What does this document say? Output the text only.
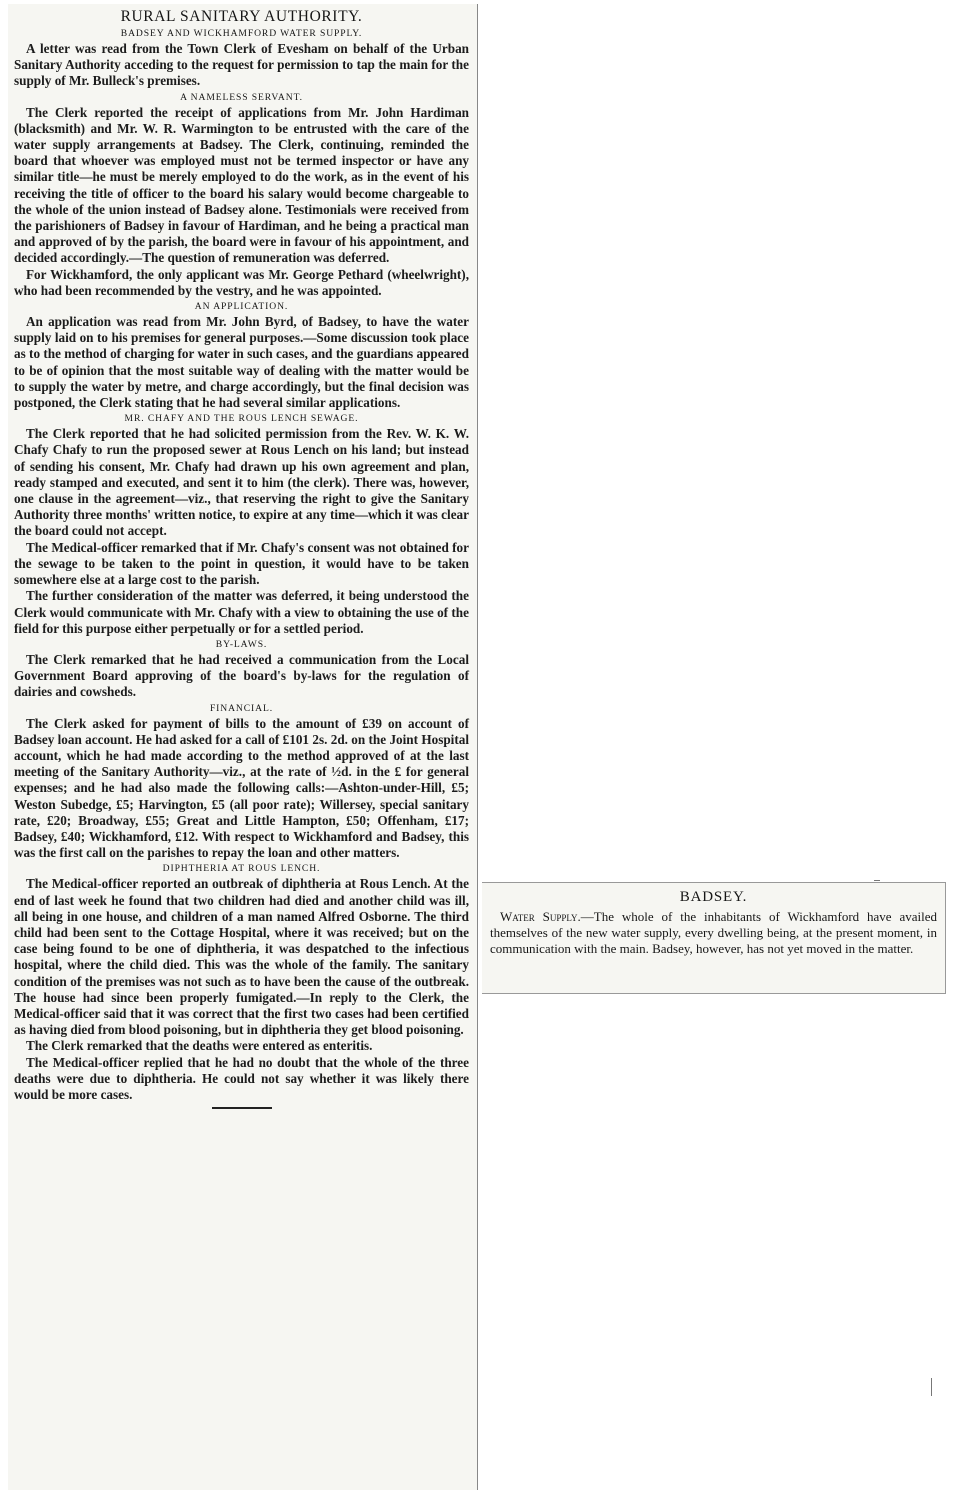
RURAL SANITARY AUTHORITY.
BADSEY AND WICKHAMFORD WATER SUPPLY.

A letter was read from the Town Clerk of Evesham on behalf of the Urban Sanitary Authority acceding to the request for permission to tap the main for the supply of Mr. Bulleck's premises.

A NAMELESS SERVANT.

The Clerk reported the receipt of applications from Mr. John Hardiman (blacksmith) and Mr. W. R. Warmington to be entrusted with the care of the water supply arrangements at Badsey. The Clerk, continuing, reminded the board that whoever was employed must not be termed inspector or have any similar title—he must be merely employed to do the work, as in the event of his receiving the title of officer to the board his salary would become chargeable to the whole of the union instead of Badsey alone. Testimonials were received from the parishioners of Badsey in favour of Hardiman, and he being a practical man and approved of by the parish, the board were in favour of his appointment, and decided accordingly.—The question of remuneration was deferred.

For Wickhamford, the only applicant was Mr. George Pethard (wheelwright), who had been recommended by the vestry, and he was appointed.

AN APPLICATION.

An application was read from Mr. John Byrd, of Badsey, to have the water supply laid on to his premises for general purposes.—Some discussion took place as to the method of charging for water in such cases, and the guardians appeared to be of opinion that the most suitable way of dealing with the matter would be to supply the water by metre, and charge accordingly, but the final decision was postponed, the Clerk stating that he had several similar applications.

MR. CHAFY AND THE ROUS LENCH SEWAGE.

The Clerk reported that he had solicited permission from the Rev. W. K. W. Chafy Chafy to run the proposed sewer at Rous Lench on his land; but instead of sending his consent, Mr. Chafy had drawn up his own agreement and plan, ready stamped and executed, and sent it to him (the clerk). There was, however, one clause in the agreement—viz., that reserving the right to give the Sanitary Authority three months' written notice, to expire at any time—which it was clear the board could not accept.

The Medical-officer remarked that if Mr. Chafy's consent was not obtained for the sewage to be taken to the point in question, it would have to be taken somewhere else at a large cost to the parish.

The further consideration of the matter was deferred, it being understood the Clerk would communicate with Mr. Chafy with a view to obtaining the use of the field for this purpose either perpetually or for a settled period.

BY-LAWS.

The Clerk remarked that he had received a communication from the Local Government Board approving of the board's by-laws for the regulation of dairies and cowsheds.

FINANCIAL.

The Clerk asked for payment of bills to the amount of £39 on account of Badsey loan account. He had asked for a call of £101 2s. 2d. on the Joint Hospital account, which he had made according to the method approved of at the last meeting of the Sanitary Authority—viz., at the rate of ½d. in the £ for general expenses; and he had also made the following calls:—Ashton-under-Hill, £5; Weston Subedge, £5; Harvington, £5 (all poor rate); Willersey, special sanitary rate, £20; Broadway, £55; Great and Little Hampton, £50; Offenham, £17; Badsey, £40; Wickhamford, £12. With respect to Wickhamford and Badsey, this was the first call on the parishes to repay the loan and other matters.

DIPHTHERIA AT ROUS LENCH.

The Medical-officer reported an outbreak of diphtheria at Rous Lench. At the end of last week he found that two children had died and another child was ill, all being in one house, and children of a man named Alfred Osborne. The third child had been sent to the Cottage Hospital, where it was received; but on the case being found to be one of diphtheria, it was despatched to the infectious hospital, where the child died. This was the whole of the family. The sanitary condition of the premises was not such as to have been the cause of the outbreak. The house had since been properly fumigated.—In reply to the Clerk, the Medical-officer said that it was correct that the first two cases had been certified as having died from blood poisoning, but in diphtheria they get blood poisoning.

The Clerk remarked that the deaths were entered as enteritis.

The Medical-officer replied that he had no doubt that the whole of the three deaths were due to diphtheria. He could not say whether it was likely there would be more cases.

BADSEY.

Water Supply.—The whole of the inhabitants of Wickhamford have availed themselves of the new water supply, every dwelling being, at the present moment, in communication with the main. Badsey, however, has not yet moved in the matter.
